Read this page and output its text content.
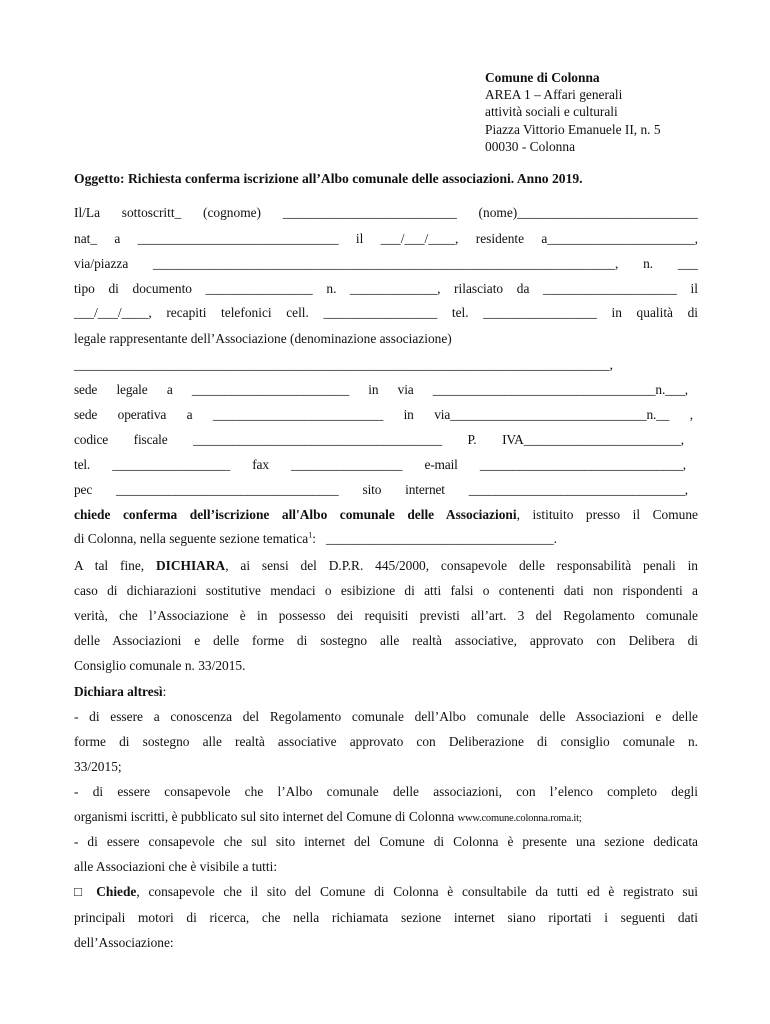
Comune di Colonna
AREA 1 – Affari generali
attività sociali e culturali
Piazza Vittorio Emanuele II, n. 5
00030 - Colonna
Oggetto: Richiesta conferma iscrizione all’Albo comunale delle associazioni. Anno 2019.
Il/La sottoscritt_ (cognome) __________________________ (nome)___________________________
nat_ a ______________________________ il ___/___/____, residente a______________________,
via/piazza _____________________________________________________________________, n. ___
tipo di documento ________________ n. _____________, rilasciato da ____________________ il
___/___/____, recapiti telefonici cell. _________________ tel. _________________ in qualità di
legale rappresentante dell’Associazione (denominazione associazione)
________________________________________________________________________________,
sede legale a ________________________ in via __________________________________n.___,
sede operativa a __________________________ in via______________________________n.__ ,
codice fiscale ______________________________________ P. IVA________________________,
tel. __________________ fax _________________ e-mail _______________________________,
pec __________________________________ sito internet _________________________________,
chiede conferma dell’iscrizione all'Albo comunale delle Associazioni, istituito presso il Comune
di Colonna, nella seguente sezione tematica$^1$:   __________________________________.
A tal fine, DICHIARA, ai sensi del D.P.R. 445/2000, consapevole delle responsabilità penali in
caso di dichiarazioni sostitutive mendaci o esibizione di atti falsi o contenenti dati non rispondenti a
verità, che l’Associazione è in possesso dei requisiti previsti all’art. 3 del Regolamento comunale
delle Associazioni e delle forme di sostegno alle realtà associative, approvato con Delibera di
Consiglio comunale n. 33/2015.
Dichiara altresì:
- di essere a conoscenza del Regolamento comunale dell’Albo comunale delle Associazioni e delle
forme di sostegno alle realtà associative approvato con Deliberazione di consiglio comunale n.
33/2015;
- di essere consapevole che l’Albo comunale delle associazioni, con l’elenco completo degli
organismi iscritti, è pubblicato sul sito internet del Comune di Colonna www.comune.colonna.roma.it;
- di essere consapevole che sul sito internet del Comune di Colonna è presente una sezione dedicata
alle Associazioni che è visibile a tutti:
□ Chiede, consapevole che il sito del Comune di Colonna è consultabile da tutti ed è registrato sui
principali motori di ricerca, che nella richiamata sezione internet siano riportati i seguenti dati
dell’Associazione:
